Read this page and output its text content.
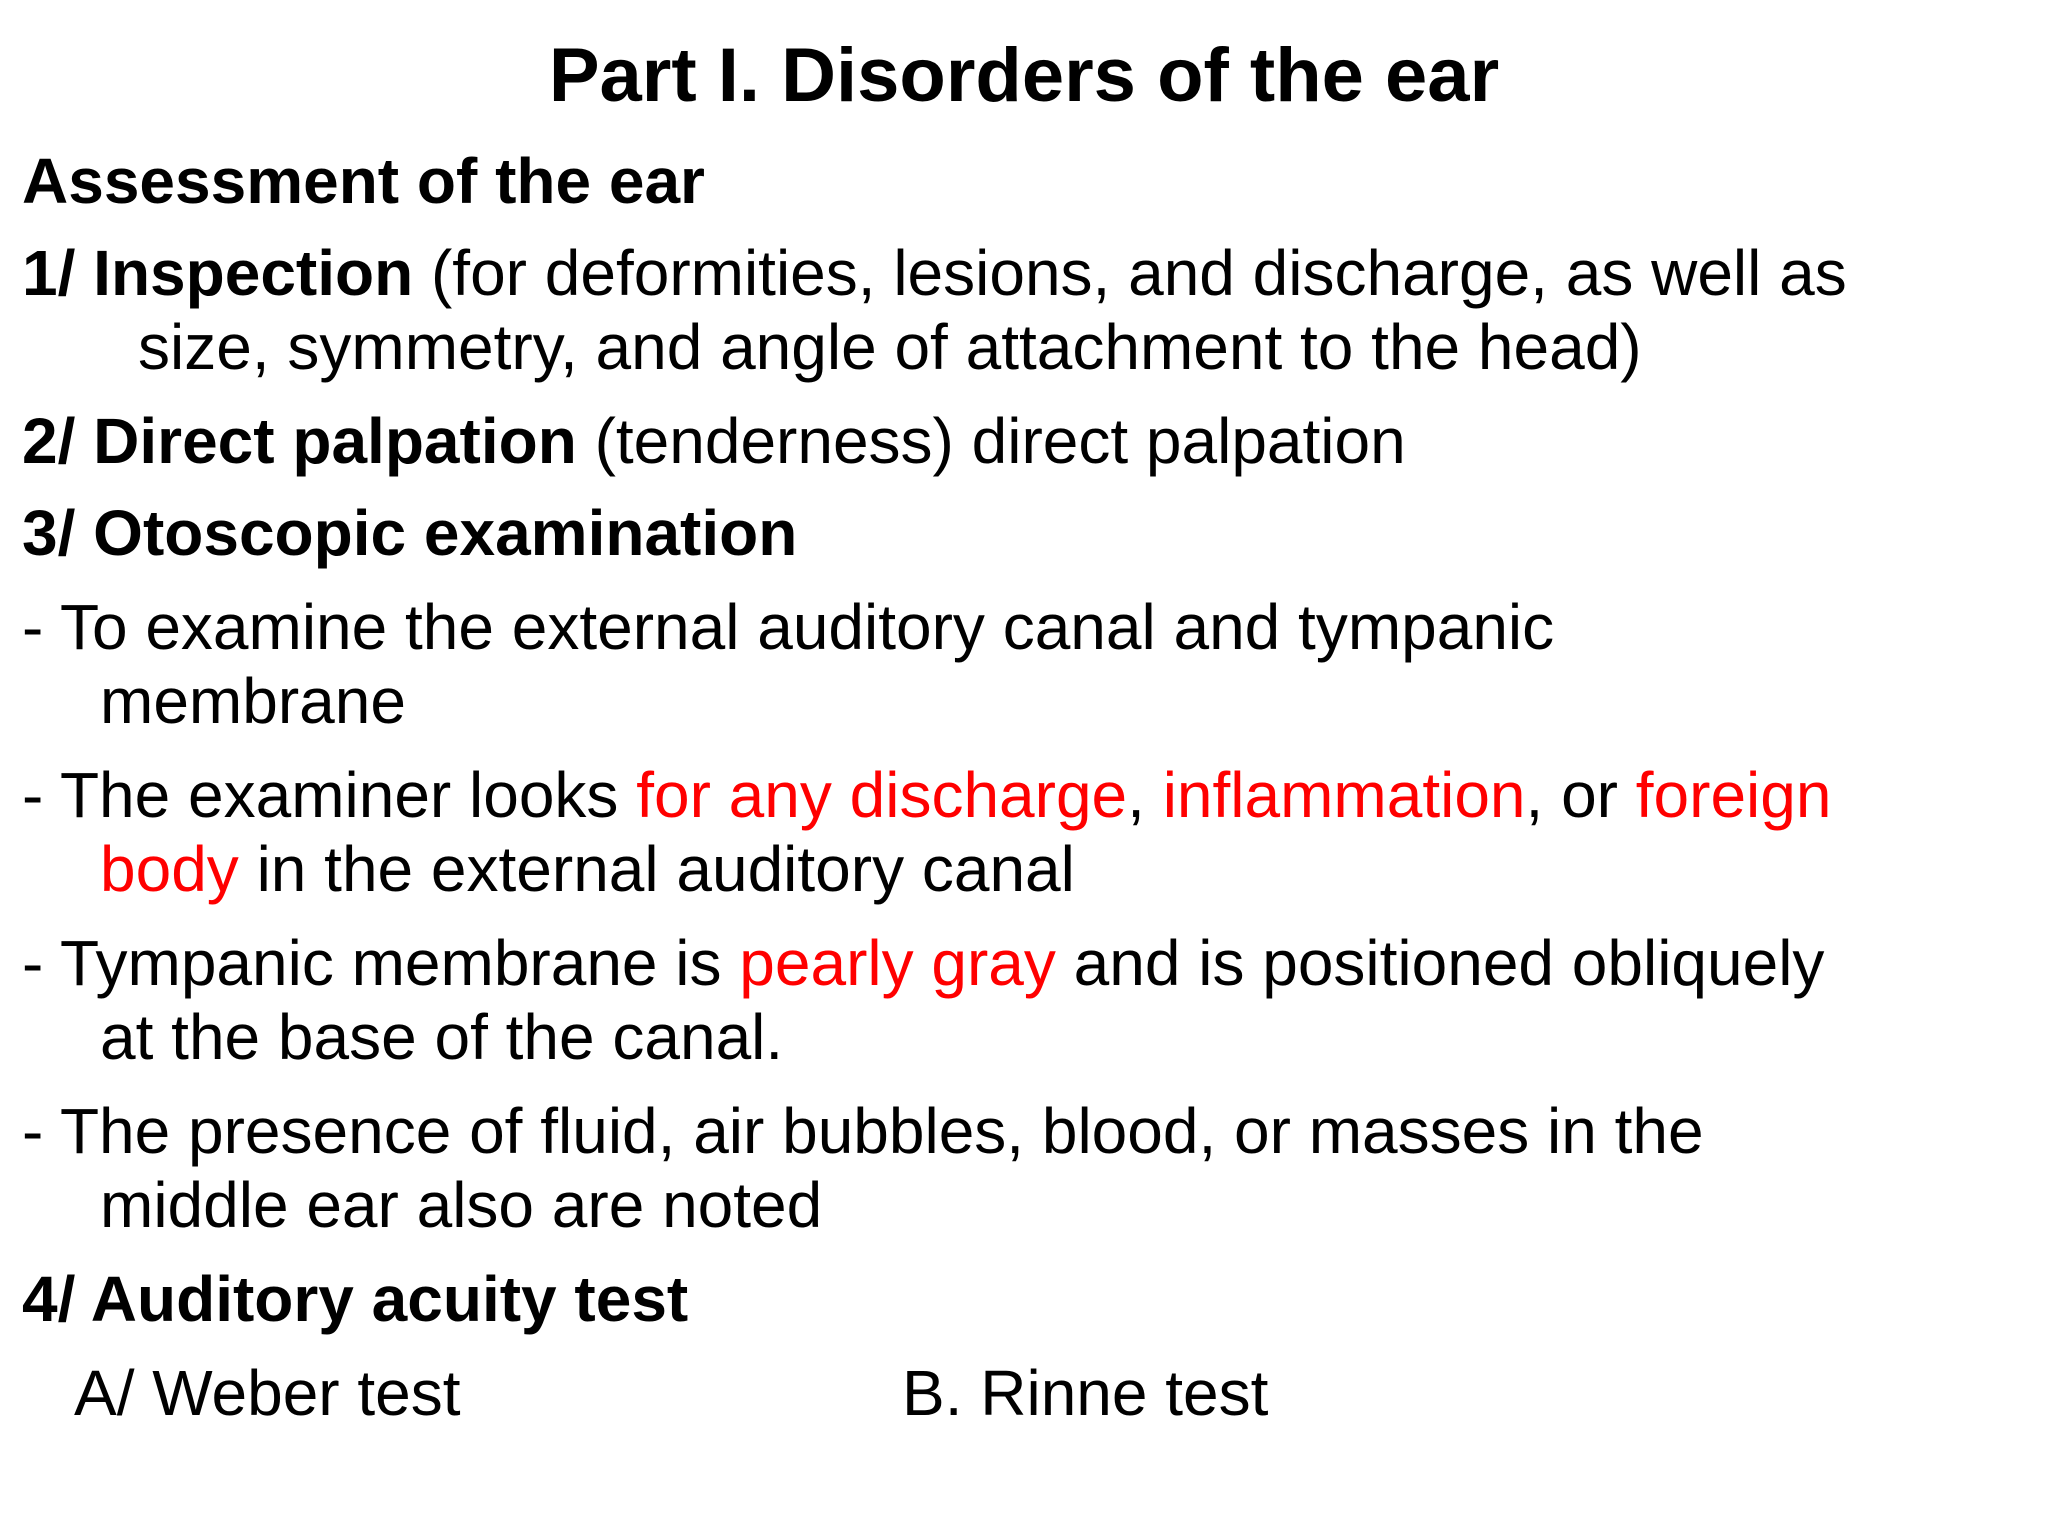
Part I. Disorders of the ear
Assessment of the ear
1/ Inspection (for deformities, lesions, and discharge, as well as
size, symmetry, and angle of attachment to the head)
2/ Direct palpation (tenderness) direct palpation
3/ Otoscopic examination
- To examine the external auditory canal and tympanic
membrane
- The examiner looks for any discharge, inflammation, or foreign
body in the external auditory canal
- Tympanic membrane is pearly gray and is positioned obliquely
at the base of the canal.
- The presence of fluid, air bubbles, blood, or masses in the
middle ear also are noted
4/ Auditory acuity test
A/ Weber test	B. Rinne test
